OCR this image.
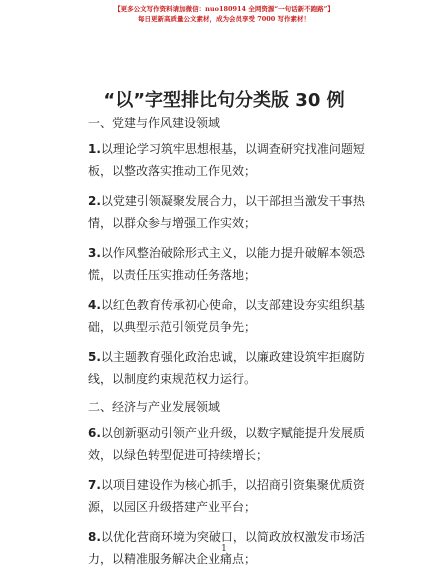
【更多公文写作资料请加微信：nuo180914 全网资源“一句话新不跑路”】
每日更新高质量公文素材，成为会员享受 7000 写作素材！
“以”字型排比句分类版 30 例
一、党建与作风建设领域
1.以理论学习筑牢思想根基，以调查研究找准问题短板，以整改落实推动工作见效；
2.以党建引领凝聚发展合力，以干部担当激发干事热情，以群众参与增强工作实效；
3.以作风整治破除形式主义，以能力提升破解本领恐慌，以责任压实推动任务落地；
4.以红色教育传承初心使命，以支部建设夯实组织基础，以典型示范引领党员争先；
5.以主题教育强化政治忠诚，以廉政建设筑牢拒腐防线，以制度约束规范权力运行。
二、经济与产业发展领域
6.以创新驱动引领产业升级，以数字赋能提升发展质效，以绿色转型促进可持续增长；
7.以项目建设作为核心抓手，以招商引资集聚优质资源，以园区升级搭建产业平台；
8.以优化营商环境为突破口，以简政放权激发市场活力，以精准服务解决企业痛点；
1
